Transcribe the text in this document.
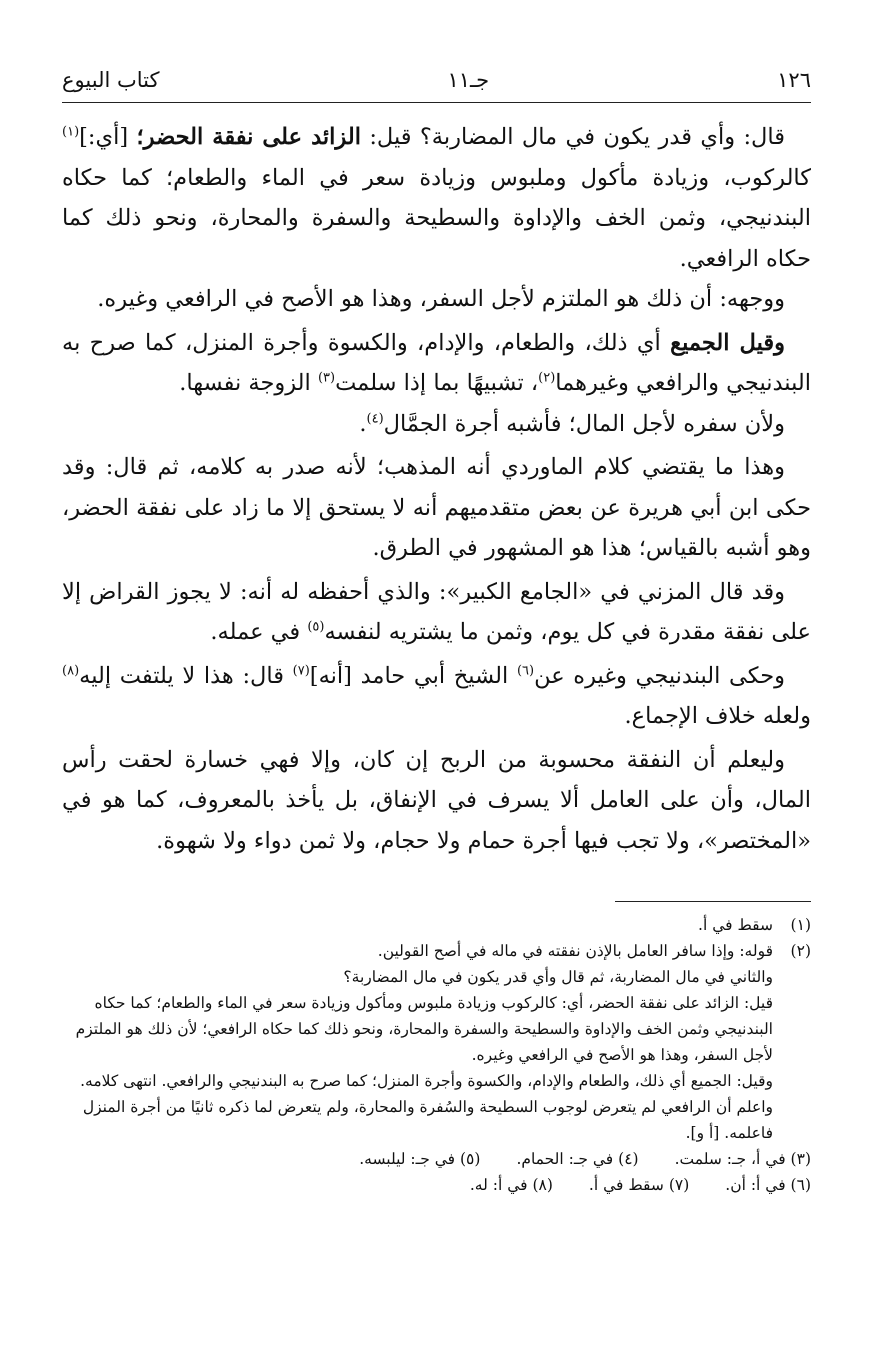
١٢٦
جـ١١
كتاب البيوع

قال: وأي قدر يكون في مال المضاربة؟ قيل: الزائد على نفقة الحضر؛ [أي:]$^{(١)}$ كالركوب، وزيادة مأكول وملبوس وزيادة سعر في الماء والطعام؛ كما حكاه البندنيجي، وثمن الخف والإداوة والسطيحة والسفرة والمحارة، ونحو ذلك كما حكاه الرافعي.

ووجهه: أن ذلك هو الملتزم لأجل السفر، وهذا هو الأصح في الرافعي وغيره.

وقيل الجميع أي ذلك، والطعام، والإدام، والكسوة وأجرة المنزل، كما صرح به البندنيجي والرافعي وغيرهما$^{(٢)}$، تشبيهًا بما إذا سلمت$^{(٣)}$ الزوجة نفسها.

ولأن سفره لأجل المال؛ فأشبه أجرة الجمَّال$^{(٤)}$.

وهذا ما يقتضي كلام الماوردي أنه المذهب؛ لأنه صدر به كلامه، ثم قال: وقد حكى ابن أبي هريرة عن بعض متقدميهم أنه لا يستحق إلا ما زاد على نفقة الحضر، وهو أشبه بالقياس؛ هذا هو المشهور في الطرق.

وقد قال المزني في «الجامع الكبير»: والذي أحفظه له أنه: لا يجوز القراض إلا على نفقة مقدرة في كل يوم، وثمن ما يشتريه لنفسه$^{(٥)}$ في عمله.

وحكى البندنيجي وغيره عن$^{(٦)}$ الشيخ أبي حامد [أنه]$^{(٧)}$ قال: هذا لا يلتفت إليه$^{(٨)}$ ولعله خلاف الإجماع.

وليعلم أن النفقة محسوبة من الربح إن كان، وإلا فهي خسارة لحقت رأس المال، وأن على العامل ألا يسرف في الإنفاق، بل يأخذ بالمعروف، كما هو في «المختصر»، ولا تجب فيها أجرة حمام ولا حجام، ولا ثمن دواء ولا شهوة.

(١)
سقط في أ.
(٢)

قوله: وإذا سافر العامل بالإذن نفقته في ماله في أصح القولين.

والثاني في مال المضاربة، ثم قال وأي قدر يكون في مال المضاربة؟

قيل: الزائد على نفقة الحضر، أي: كالركوب وزيادة ملبوس ومأكول وزيادة سعر في الماء والطعام؛ كما حكاه البندنيجي وثمن الخف والإداوة والسطيحة والسفرة والمحارة، ونحو ذلك كما حكاه الرافعي؛ لأن ذلك هو الملتزم لأجل السفر، وهذا هو الأصح في الرافعي وغيره.

وقيل: الجميع أي ذلك، والطعام والإدام، والكسوة وأجرة المنزل؛ كما صرح به البندنيجي والرافعي. انتهى كلامه.

واعلم أن الرافعي لم يتعرض لوجوب السطيحة والسُفرة والمحارة، ولم يتعرض لما ذكره ثانيًا من أجرة المنزل فاعلمه. [أ و].

(٣) في أ، جـ: سلمت.
(٤) في جـ: الحمام.
(٥) في جـ: ليلبسه.
(٦) في أ: أن.
(٧) سقط في أ.
(٨) في أ: له.
